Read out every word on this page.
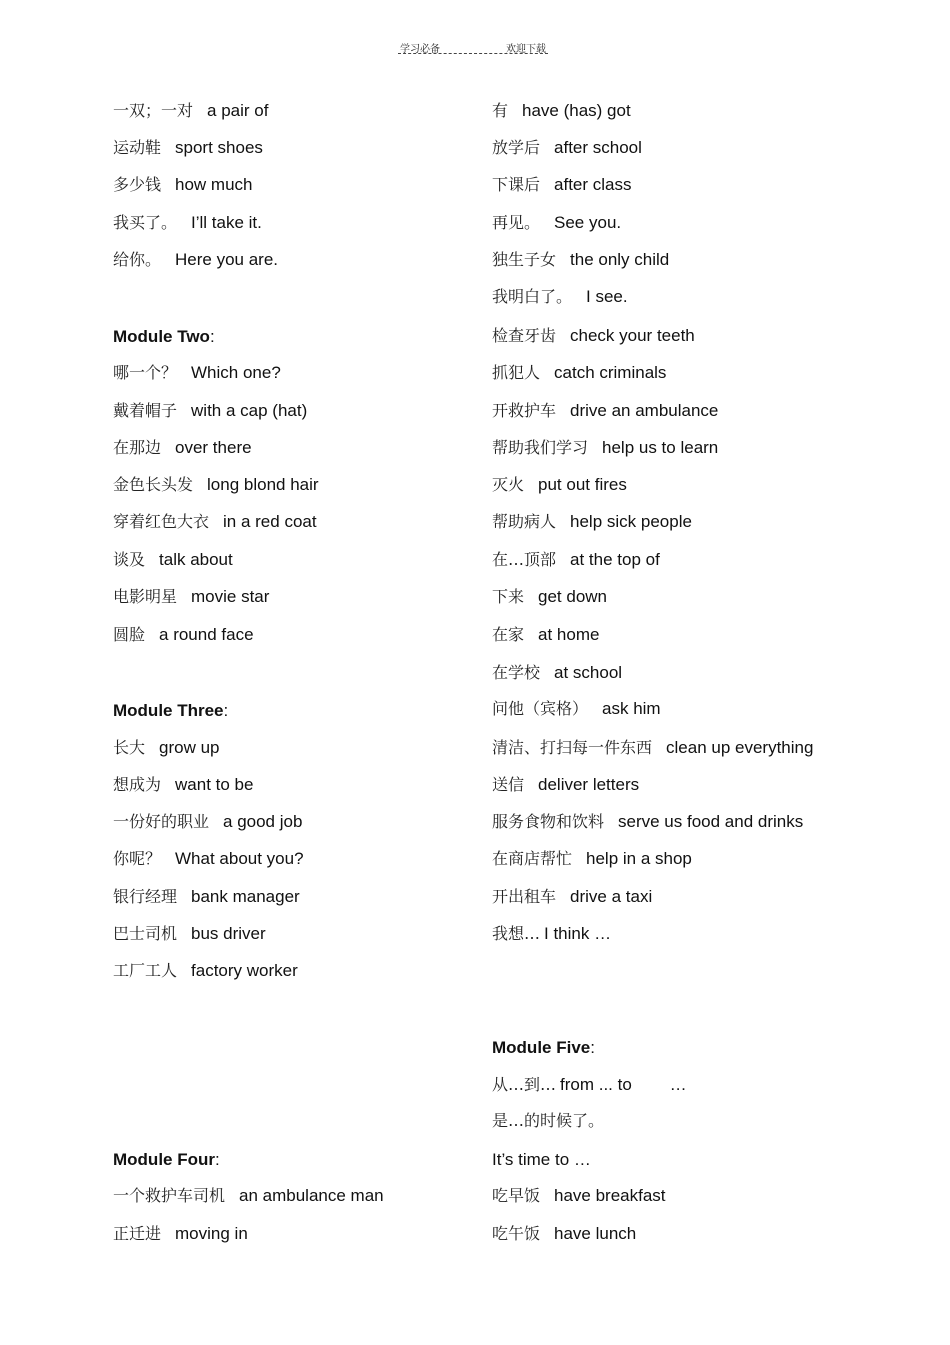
学习必备	欢迎下载
一双；一对 a pair of
运动鞋 sport shoes
多少钱 how much
我买了。 I’ll take it.
给你。 Here you are.
Module Two:
哪一个？ Which one?
戴着帽子 with a cap (hat)
在那边 over there
金色长头发 long blond hair
穿着红色大衣 in a red coat
谈及 talk about
电影明星 movie star
圆脸 a round face
Module Three:
长大 grow up
想成为 want to be
一份好的职业 a good job
你呢？ What about you?
银行经理 bank manager
巴士司机 bus driver
工厂工人 factory worker
Module Four:
一个救护车司机 an ambulance man
正迁进 moving in
有 have (has) got
放学后 after school
下课后 after class
再见。 See you.
独生子女 the only child
我明白了。 I see.
检查牙齿 check your teeth
抓犯人 catch criminals
开救护车 drive an ambulance
帮助我们学习 help us to learn
灭火 put out fires
帮助病人 help sick people
在…顶部 at the top of
下来 get down
在家 at home
在学校 at school
问他（宾格） ask him
清洁、打扫每一件东西 clean up everything
送信 deliver letters
服务食物和饮料 serve us food and drinks
在商店帮忙 help in a shop
开出租车 drive a taxi
我想… I think …
Module Five:
从…到… from ... to        …
是…的时候了。
It’s time to …
吃早饭 have breakfast
吃午饭 have lunch
